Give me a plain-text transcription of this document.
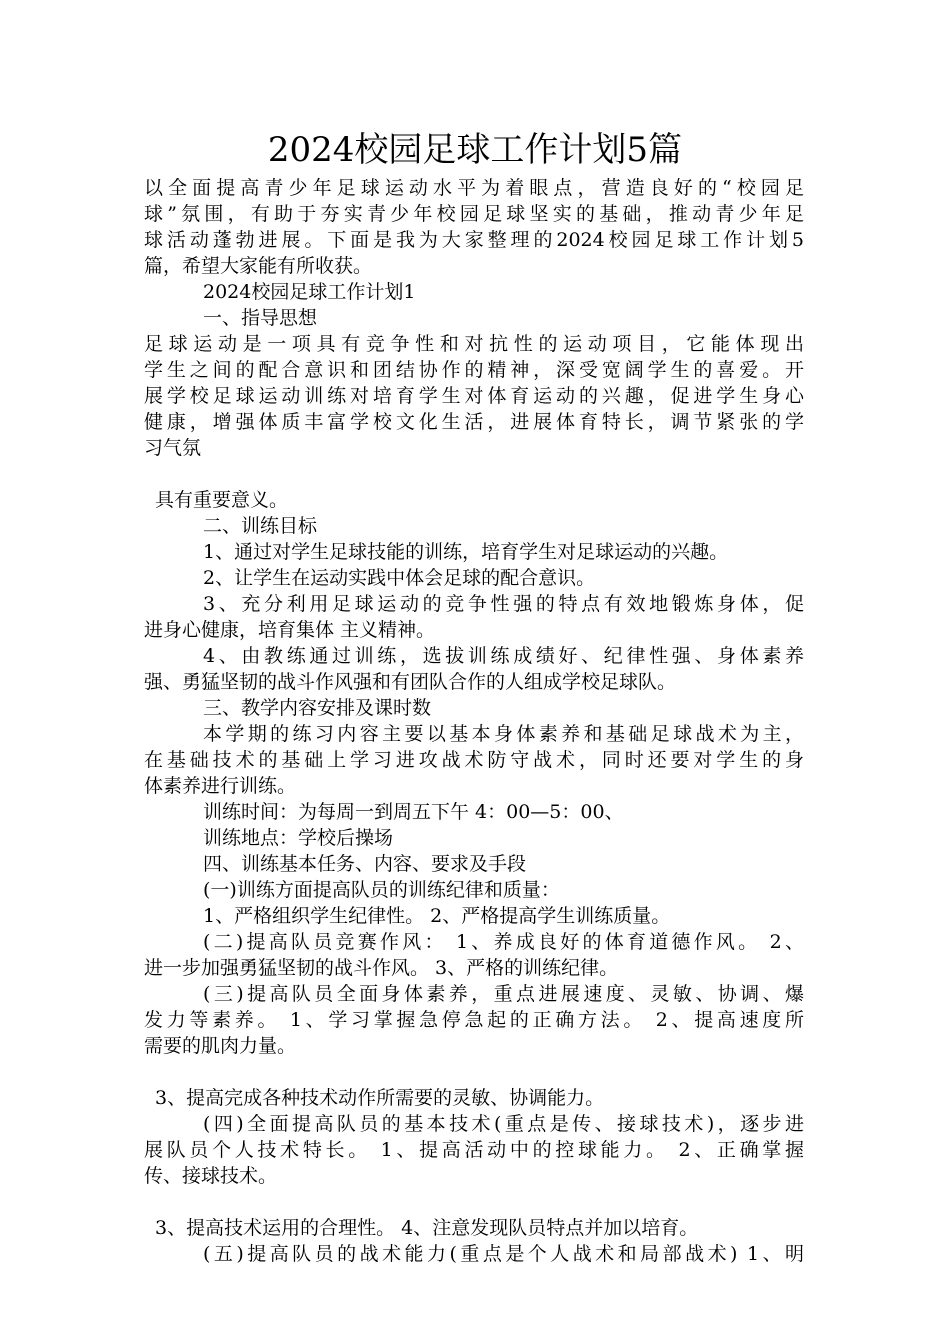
2024校园足球工作计划5篇
以全面提高青少年足球运动水平为着眼点，营造良好的“校园足
球”氛围，有助于夯实青少年校园足球坚实的基础，推动青少年足
球活动蓬勃进展。下面是我为大家整理的2024校园足球工作计划5
篇，希望大家能有所收获。
2024校园足球工作计划1
一、指导思想
足球运动是一项具有竞争性和对抗性的运动项目，它能体现出
学生之间的配合意识和团结协作的精神，深受宽阔学生的喜爱。开
展学校足球运动训练对培育学生对体育运动的兴趣，促进学生身心
健康，增强体质丰富学校文化生活，进展体育特长，调节紧张的学
习气氛
具有重要意义。
二、训练目标
1、通过对学生足球技能的训练，培育学生对足球运动的兴趣。
2、让学生在运动实践中体会足球的配合意识。
3、充分利用足球运动的竞争性强的特点有效地锻炼身体，促
进身心健康，培育集体 主义精神。
4、由教练通过训练，选拔训练成绩好、纪律性强、身体素养
强、勇猛坚韧的战斗作风强和有团队合作的人组成学校足球队。
三、教学内容安排及课时数
本学期的练习内容主要以基本身体素养和基础足球战术为主，
在基础技术的基础上学习进攻战术防守战术，同时还要对学生的身
体素养进行训练。
训练时间：为每周一到周五下午 4：00—5：00、
训练地点：学校后操场
四、训练基本任务、内容、要求及手段
(一)训练方面提高队员的训练纪律和质量：
1、严格组织学生纪律性。 2、严格提高学生训练质量。
(二)提高队员竞赛作风： 1、养成良好的体育道德作风。 2、
进一步加强勇猛坚韧的战斗作风。 3、严格的训练纪律。
(三)提高队员全面身体素养，重点进展速度、灵敏、协调、爆
发力等素养。 1、学习掌握急停急起的正确方法。 2、提高速度所
需要的肌肉力量。
3、提高完成各种技术动作所需要的灵敏、协调能力。
(四)全面提高队员的基本技术(重点是传、接球技术)，逐步进
展队员个人技术特长。 1、提高活动中的控球能力。 2、正确掌握
传、接球技术。
3、提高技术运用的合理性。 4、注意发现队员特点并加以培育。
(五)提高队员的战术能力(重点是个人战术和局部战术) 1、明
